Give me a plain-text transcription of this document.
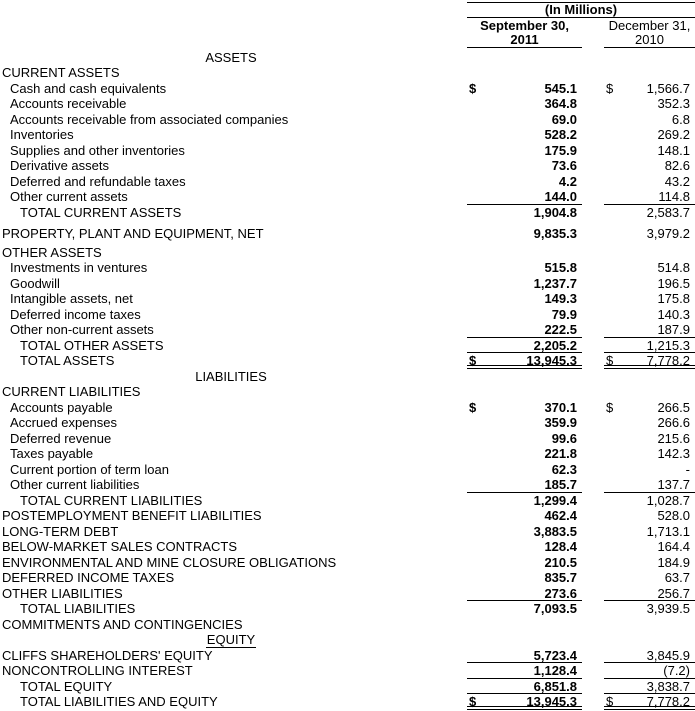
(In Millions)
September 30,
2011
December 31,
2010
ASSETS
CURRENT ASSETS
Cash and cash equivalents	$	545.1	$	1,566.7
Accounts receivable	364.8	352.3
Accounts receivable from associated companies	69.0	6.8
Inventories	528.2	269.2
Supplies and other inventories	175.9	148.1
Derivative assets	73.6	82.6
Deferred and refundable taxes	4.2	43.2
Other current assets	144.0	114.8
TOTAL CURRENT ASSETS	1,904.8	2,583.7
PROPERTY, PLANT AND EQUIPMENT, NET	9,835.3	3,979.2
OTHER ASSETS
Investments in ventures	515.8	514.8
Goodwill	1,237.7	196.5
Intangible assets, net	149.3	175.8
Deferred income taxes	79.9	140.3
Other non-current assets	222.5	187.9
TOTAL OTHER ASSETS	2,205.2	1,215.3
TOTAL ASSETS	$	13,945.3	$	7,778.2
LIABILITIES
CURRENT LIABILITIES
Accounts payable	$	370.1	$	266.5
Accrued expenses	359.9	266.6
Deferred revenue	99.6	215.6
Taxes payable	221.8	142.3
Current portion of term loan	62.3	-
Other current liabilities	185.7	137.7
TOTAL CURRENT LIABILITIES	1,299.4	1,028.7
POSTEMPLOYMENT BENEFIT LIABILITIES	462.4	528.0
LONG-TERM DEBT	3,883.5	1,713.1
BELOW-MARKET SALES CONTRACTS	128.4	164.4
ENVIRONMENTAL AND MINE CLOSURE OBLIGATIONS	210.5	184.9
DEFERRED INCOME TAXES	835.7	63.7
OTHER LIABILITIES	273.6	256.7
TOTAL LIABILITIES	7,093.5	3,939.5
COMMITMENTS AND CONTINGENCIES
EQUITY
CLIFFS SHAREHOLDERS' EQUITY	5,723.4	3,845.9
NONCONTROLLING INTEREST	1,128.4	(7.2)
TOTAL EQUITY	6,851.8	3,838.7
TOTAL LIABILITIES AND EQUITY	$	13,945.3	$	7,778.2
